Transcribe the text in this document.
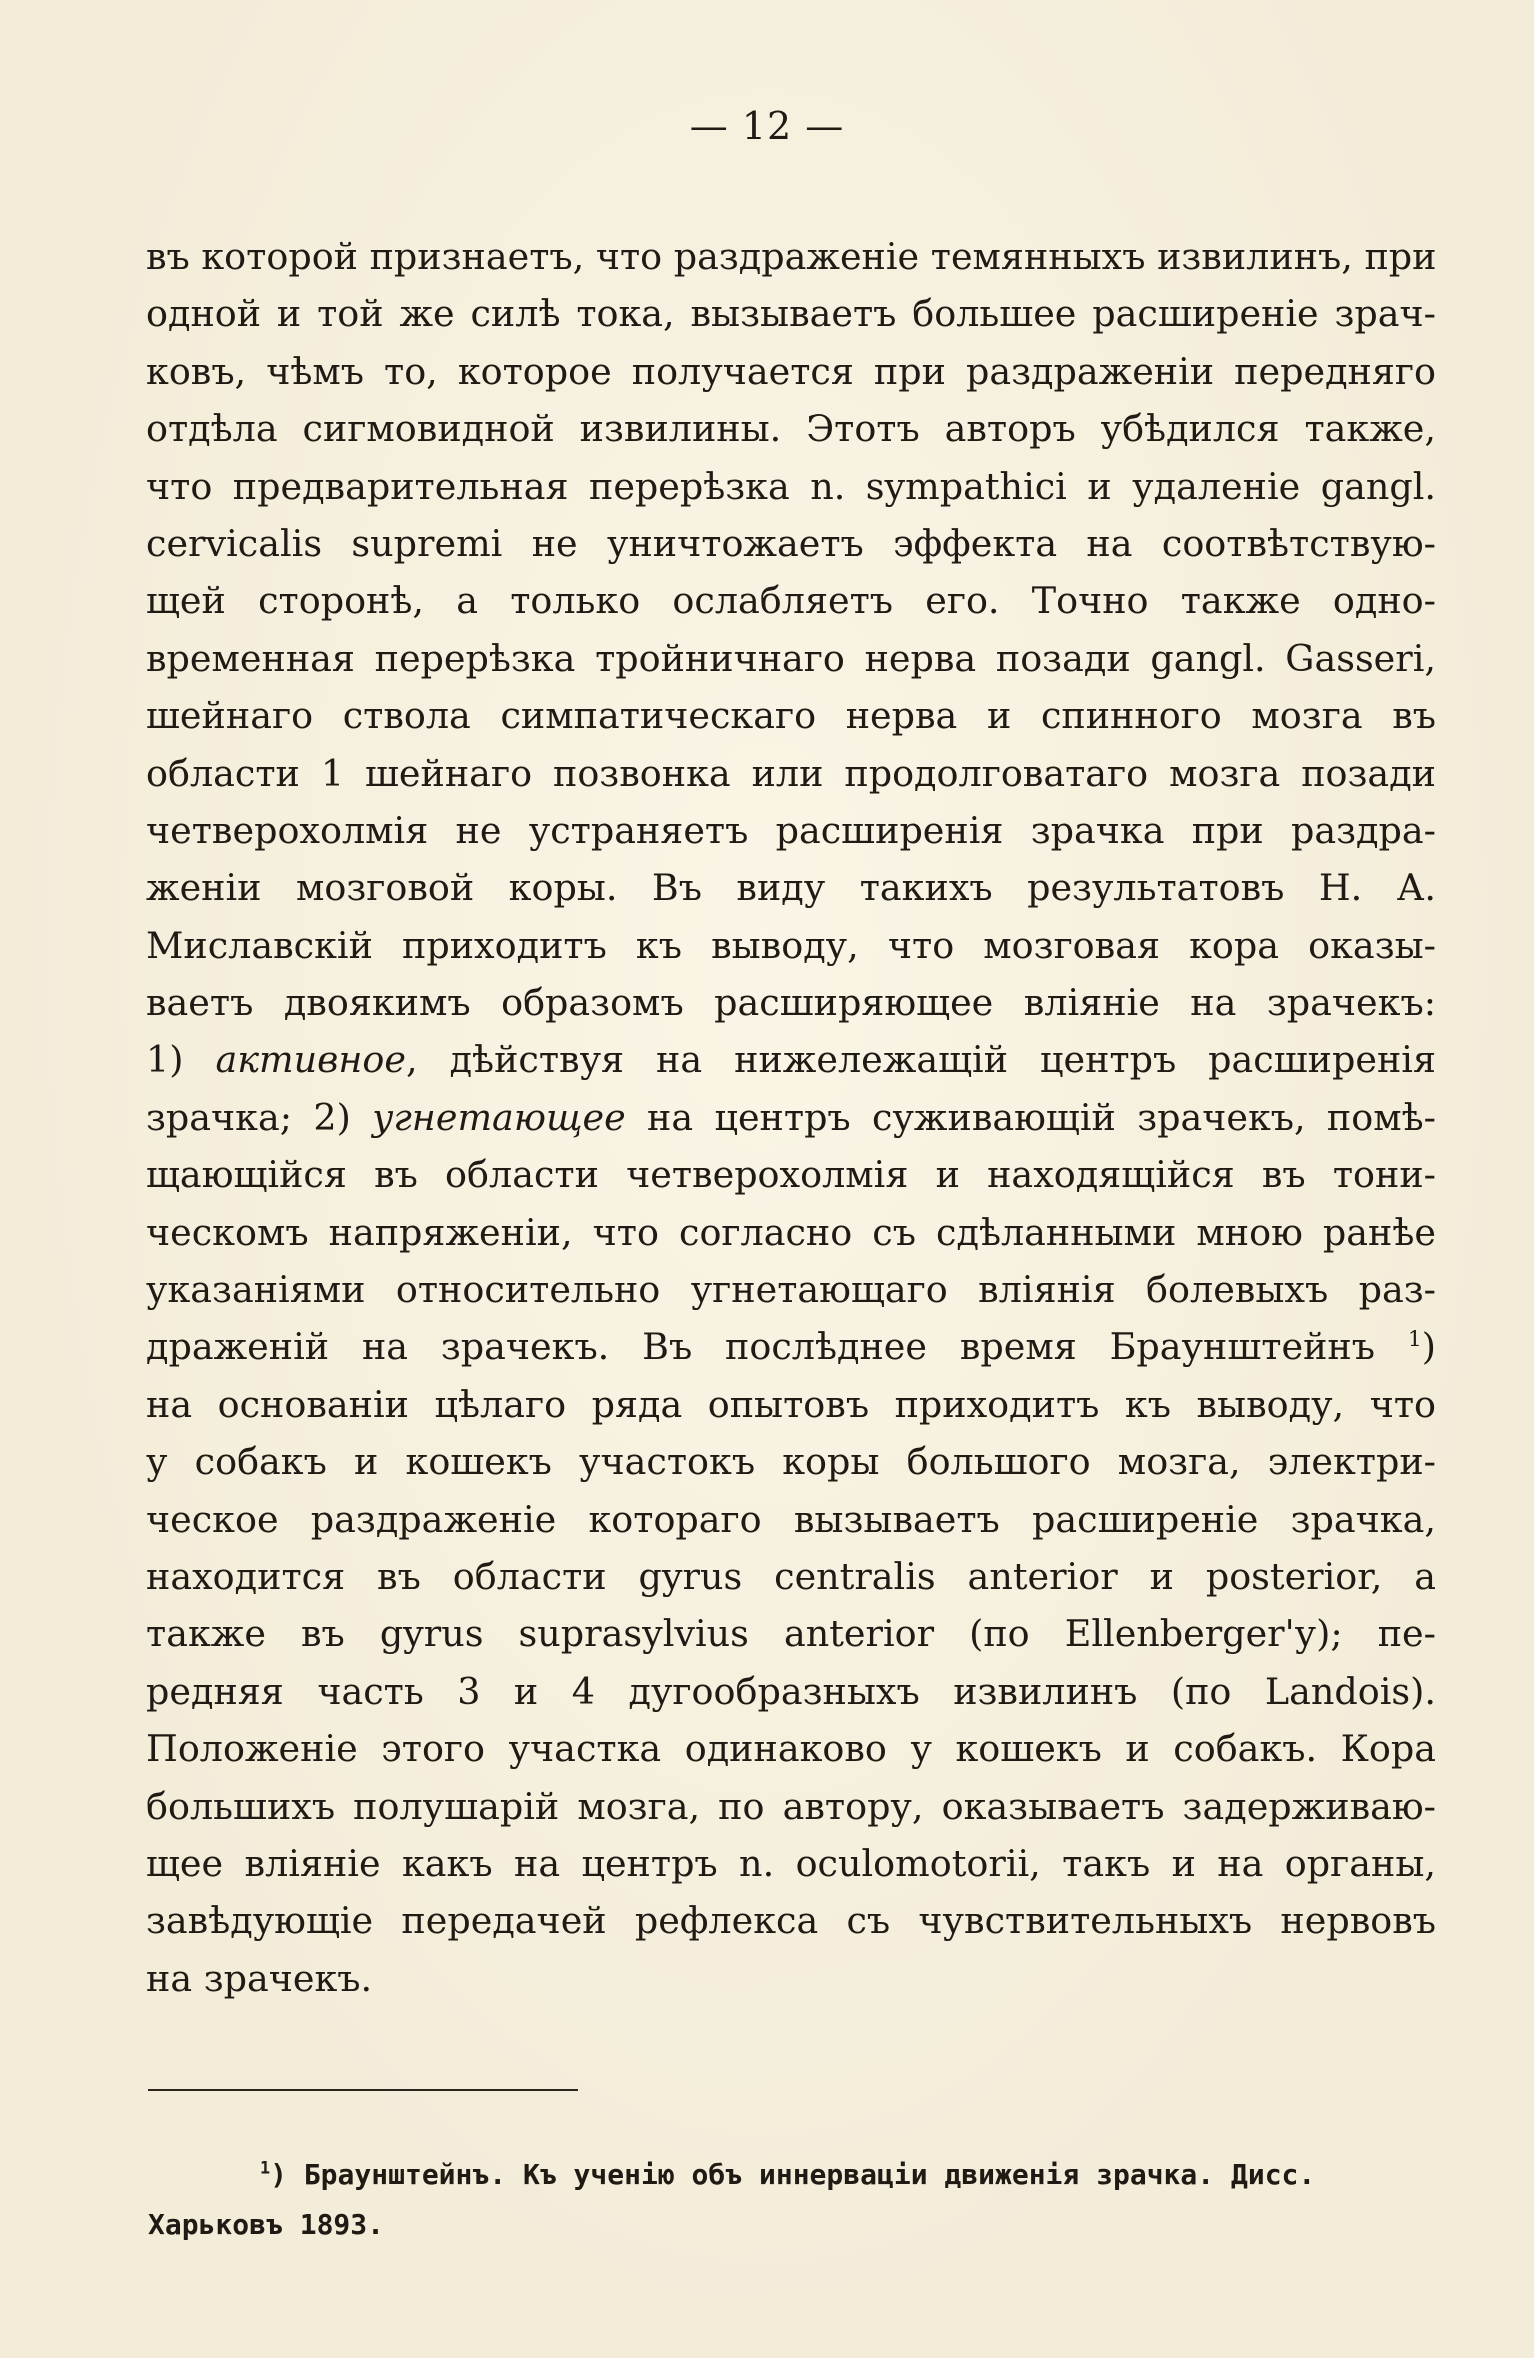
— 12 —
въ которой признаетъ, что раздраженіе темянныхъ извилинъ, при
одной и той же силѣ тока, вызываетъ большее расширеніе зрач-
ковъ, чѣмъ то, которое получается при раздраженіи передняго
отдѣла сигмовидной извилины. Этотъ авторъ убѣдился также,
что предварительная перерѣзка n. sympathici и удаленіе gangl.
cervicalis supremi не уничтожаетъ эффекта на соотвѣтствую-
щей сторонѣ, а только ослабляетъ его. Точно также одно-
временная перерѣзка тройничнаго нерва позади gangl. Gasseri,
шейнаго ствола симпатическаго нерва и спинного мозга въ
области 1 шейнаго позвонка или продолговатаго мозга позади
четверохолмія не устраняетъ расширенія зрачка при раздра-
женіи мозговой коры. Въ виду такихъ результатовъ Н. А.
Миславскій приходитъ къ выводу, что мозговая кора оказы-
ваетъ двоякимъ образомъ расширяющее вліяніе на зрачекъ:
1) активное, дѣйствуя на нижележащій центръ расширенія
зрачка; 2) угнетающее на центръ суживающій зрачекъ, помѣ-
щающійся въ области четверохолмія и находящійся въ тони-
ческомъ напряженіи, что согласно съ сдѣланными мною ранѣе
указаніями относительно угнетающаго вліянія болевыхъ раз-
драженій на зрачекъ. Въ послѣднее время Браунштейнъ $^1$)
на основаніи цѣлаго ряда опытовъ приходитъ къ выводу, что
у собакъ и кошекъ участокъ коры большого мозга, электри-
ческое раздраженіе котораго вызываетъ расширеніе зрачка,
находится въ области gyrus centralis anterior и posterior, а
также въ gyrus suprasylvius anterior (по Ellenberger'у); пе-
редняя часть 3 и 4 дугообразныхъ извилинъ (по Landois).
Положеніе этого участка одинаково у кошекъ и собакъ. Кора
большихъ полушарій мозга, по автору, оказываетъ задерживаю-
щее вліяніе какъ на центръ n. oculomotorii, такъ и на органы,
завѣдующіе передачей рефлекса съ чувствительныхъ нервовъ
на зрачекъ.
$^1$) Браунштейнъ. Къ ученію объ иннерваціи движенія зрачка. Дисс.
Харьковъ 1893.
